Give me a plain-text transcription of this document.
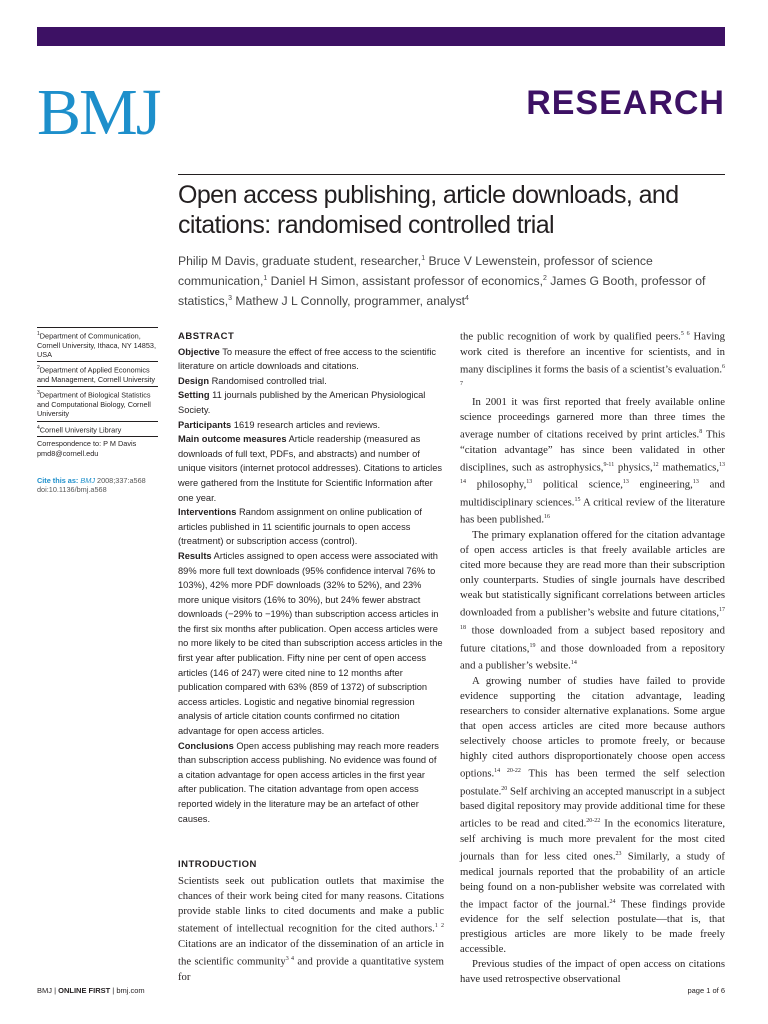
BMJ	RESEARCH
Open access publishing, article downloads, and citations: randomised controlled trial
Philip M Davis, graduate student, researcher,$^1$ Bruce V Lewenstein, professor of science communication,$^1$ Daniel H Simon, assistant professor of economics,$^2$ James G Booth, professor of statistics,$^3$ Mathew J L Connolly, programmer, analyst$^4$
$^1$Department of Communication, Cornell University, Ithaca, NY 14853, USA
$^2$Department of Applied Economics and Management, Cornell University
$^3$Department of Biological Statistics and Computational Biology, Cornell University
$^4$Cornell University Library
Correspondence to: P M Davis
pmd8@cornell.edu
Cite this as: BMJ 2008;337:a568
doi:10.1136/bmj.a568
ABSTRACT

Objective To measure the effect of free access to the scientific literature on article downloads and citations.

Design Randomised controlled trial.

Setting 11 journals published by the American Physiological Society.

Participants 1619 research articles and reviews.

Main outcome measures Article readership (measured as downloads of full text, PDFs, and abstracts) and number of unique visitors (internet protocol addresses). Citations to articles were gathered from the Institute for Scientific Information after one year.

Interventions Random assignment on online publication of articles published in 11 scientific journals to open access (treatment) or subscription access (control).

Results Articles assigned to open access were associated with 89% more full text downloads (95% confidence interval 76% to 103%), 42% more PDF downloads (32% to 52%), and 23% more unique visitors (16% to 30%), but 24% fewer abstract downloads (−29% to −19%) than subscription access articles in the first six months after publication. Open access articles were no more likely to be cited than subscription access articles in the first year after publication. Fifty nine per cent of open access articles (146 of 247) were cited nine to 12 months after publication compared with 63% (859 of 1372) of subscription access articles. Logistic and negative binomial regression analysis of article citation counts confirmed no citation advantage for open access articles.

Conclusions Open access publishing may reach more readers than subscription access publishing. No evidence was found of a citation advantage for open access articles in the first year after publication. The citation advantage from open access reported widely in the literature may be an artefact of other causes.

INTRODUCTION

Scientists seek out publication outlets that maximise the chances of their work being cited for many reasons. Citations provide stable links to cited documents and make a public statement of intellectual recognition for the cited authors.$^{1 2}$ Citations are an indicator of the dissemination of an article in the scientific community$^{3 4}$ and provide a quantitative system for

the public recognition of work by qualified peers.$^{5 6}$ Having work cited is therefore an incentive for scientists, and in many disciplines it forms the basis of a scientist’s evaluation.$^{6 7}$

In 2001 it was first reported that freely available online science proceedings garnered more than three times the average number of citations received by print articles.$^8$ This “citation advantage” has since been validated in other disciplines, such as astrophysics,$^{9-11}$ physics,$^{12}$ mathematics,$^{13 14}$ philosophy,$^{13}$ political science,$^{13}$ engineering,$^{13}$ and multidisciplinary sciences.$^{15}$ A critical review of the literature has been published.$^{16}$

The primary explanation offered for the citation advantage of open access articles is that freely available articles are cited more because they are read more than their subscription only counterparts. Studies of single journals have described weak but statistically significant correlations between articles downloaded from a publisher’s website and future citations,$^{17 18}$ those downloaded from a subject based repository and future citations,$^{19}$ and those downloaded from a repository and a publisher’s website.$^{14}$

A growing number of studies have failed to provide evidence supporting the citation advantage, leading researchers to consider alternative explanations. Some argue that open access articles are cited more because authors selectively choose articles to promote freely, or because highly cited authors disproportionately choose open access options.$^{14 20-22}$ This has been termed the self selection postulate.$^{20}$ Self archiving an accepted manuscript in a subject based digital repository may provide additional time for these articles to be read and cited.$^{20-22}$ In the economics literature, self archiving is much more prevalent for the most cited journals than for less cited ones.$^{23}$ Similarly, a study of medical journals reported that the probability of an article being found on a non-publisher website was correlated with the impact factor of the journal.$^{24}$ These findings provide evidence for the self selection postulate—that is, that prestigious articles are more likely to be made freely accessible.

Previous studies of the impact of open access on citations have used retrospective observational

BMJ | ONLINE FIRST | bmj.com	page 1 of 6
